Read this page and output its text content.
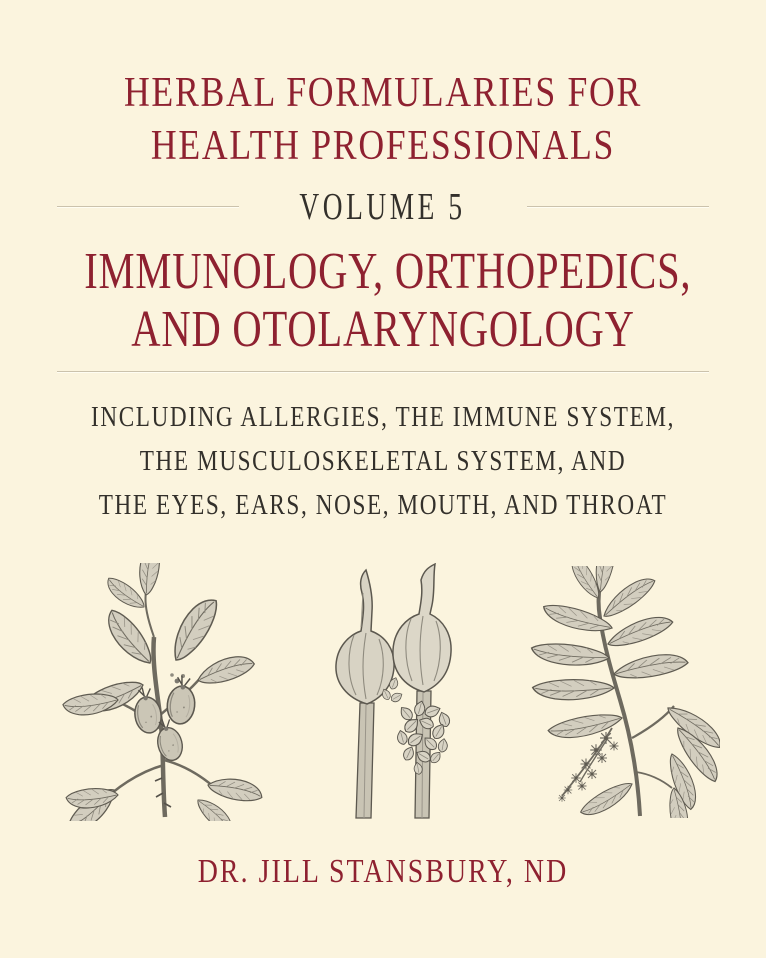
HERBAL FORMULARIES FOR
HEALTH PROFESSIONALS
VOLUME 5
IMMUNOLOGY, ORTHOPEDICS,
AND OTOLARYNGOLOGY
INCLUDING ALLERGIES, THE IMMUNE SYSTEM,
THE MUSCULOSKELETAL SYSTEM, AND
THE EYES, EARS, NOSE, MOUTH, AND THROAT
DR. JILL STANSBURY, ND
